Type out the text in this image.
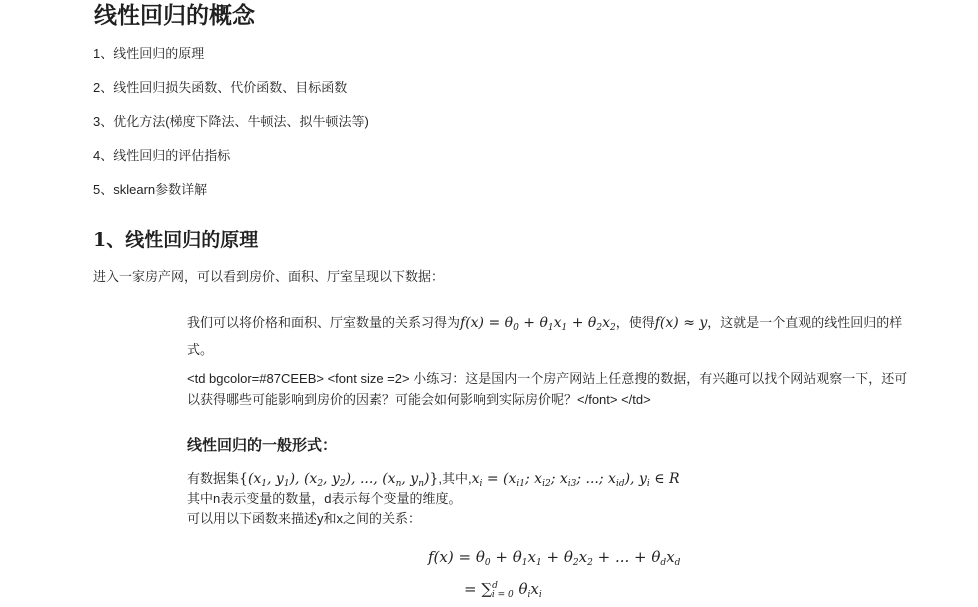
线性回归的概念
1、线性回归的原理
2、线性回归损失函数、代价函数、目标函数
3、优化方法(梯度下降法、牛顿法、拟牛顿法等)
4、线性回归的评估指标
5、sklearn参数详解
1、线性回归的原理

进入一家房产网，可以看到房价、面积、厅室呈现以下数据：

我们可以将价格和面积、厅室数量的关系习得为$f(x) = \theta_0 + \theta_1x_1 + \theta_2x_2$，使得f(x) ≈ y，这就是一个直观的线性回归的样式。
<td bgcolor=#87CEEB> <font size =2> 小练习：这是国内一个房产网站上任意搜的数据，有兴趣可以找个网站观察一下，还可以获得哪些可能影响到房价的因素？可能会如何影响到实际房价呢？</font> </td>
线性回归的一般形式：
有数据集{($x_1$, $y_1$), ($x_2$, $y_2$), ..., ($x_n$, $y_n$)},其中$,x_i = (x_{i1}$; $x_{i2}$; $x_{i3}$; ...; $x_{id}$), $y_i$ ∈ R
其中n表示变量的数量，d表示每个变量的维度。
可以用以下函数来描述y和x之间的关系：
$f(x) = \theta_0 + \theta_1x_1 + \theta_2x_2$ + ... + $\theta_dx_d$
= ∑$^d_{i = 0}$ $\theta_ix_i$
